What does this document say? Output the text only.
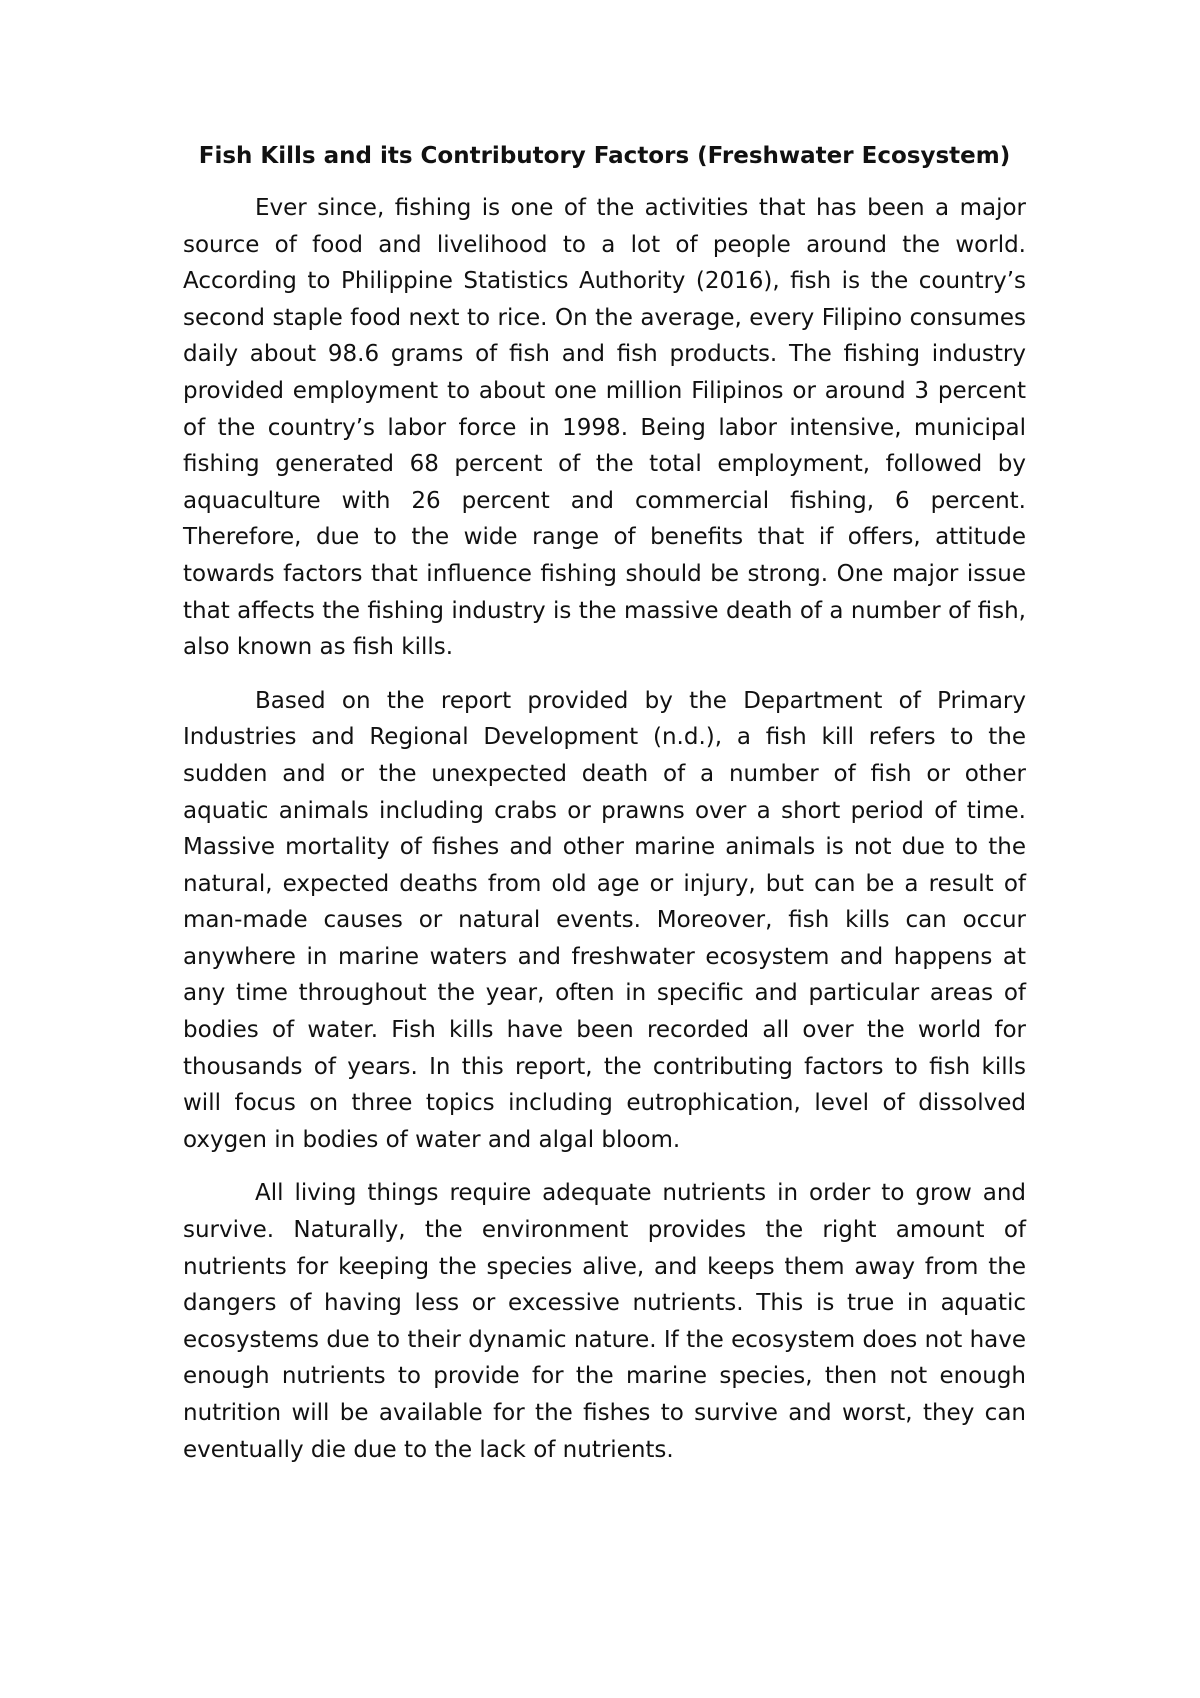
Fish Kills and its Contributory Factors (Freshwater Ecosystem)

Ever since, fishing is one of the activities that has been a major source of food and livelihood to a lot of people around the world. According to Philippine Statistics Authority (2016), fish is the country’s second staple food next to rice. On the average, every Filipino consumes daily about 98.6 grams of fish and fish products. The fishing industry provided employment to about one million Filipinos or around 3 percent of the country’s labor force in 1998. Being labor intensive, municipal fishing generated 68 percent of the total employment, followed by aquaculture with 26 percent and commercial fishing, 6 percent. Therefore, due to the wide range of benefits that if offers, attitude towards factors that influence fishing should be strong. One major issue that affects the fishing industry is the massive death of a number of fish, also known as fish kills.

Based on the report provided by the Department of Primary Industries and Regional Development (n.d.), a fish kill refers to the sudden and or the unexpected death of a number of fish or other aquatic animals including crabs or prawns over a short period of time. Massive mortality of fishes and other marine animals is not due to the natural, expected deaths from old age or injury, but can be a result of man-made causes or natural events. Moreover, fish kills can occur anywhere in marine waters and freshwater ecosystem and happens at any time throughout the year, often in specific and particular areas of bodies of water. Fish kills have been recorded all over the world for thousands of years. In this report, the contributing factors to fish kills will focus on three topics including eutrophication, level of dissolved oxygen in bodies of water and algal bloom.

All living things require adequate nutrients in order to grow and survive. Naturally, the environment provides the right amount of nutrients for keeping the species alive, and keeps them away from the dangers of having less or excessive nutrients. This is true in aquatic ecosystems due to their dynamic nature. If the ecosystem does not have enough nutrients to provide for the marine species, then not enough nutrition will be available for the fishes to survive and worst, they can eventually die due to the lack of nutrients.
